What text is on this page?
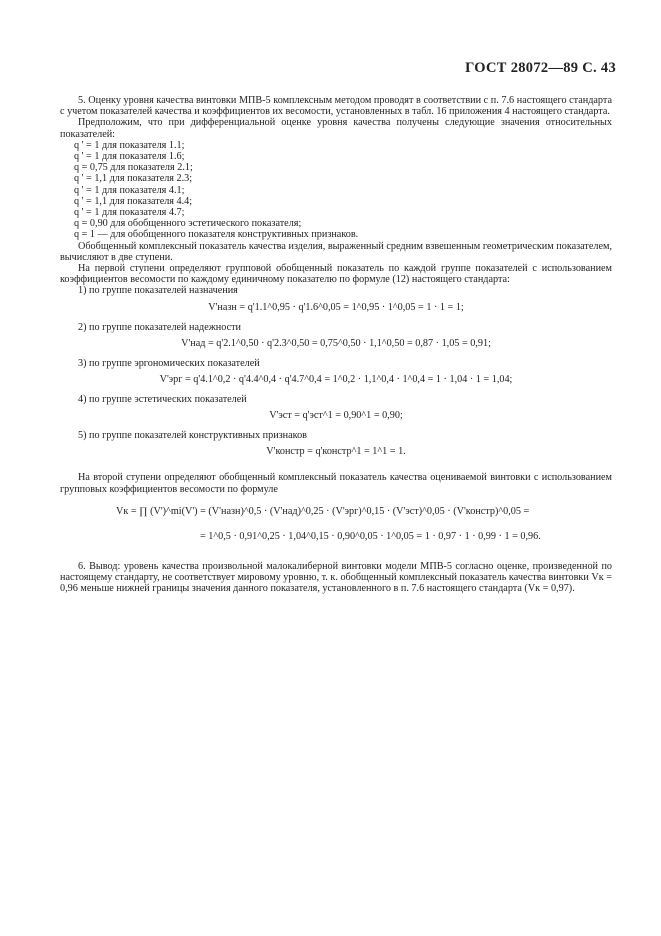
ГОСТ 28072—89 С. 43

5. Оценку уровня качества винтовки МПВ-5 комплексным методом проводят в соответствии с п. 7.6 настоящего стандарта с учетом показателей качества и коэффициентов их весомости, установленных в табл. 16 приложения 4 настоящего стандарта.

Предположим, что при дифференциальной оценке уровня качества получены следующие значения относительных показателей:

q ' = 1 для показателя 1.1;
q ' = 1 для показателя 1.6;
q = 0,75 для показателя 2.1;
q ' = 1,1 для показателя 2.3;
q ' = 1 для показателя 4.1;
q ' = 1,1 для показателя 4.4;
q ' = 1 для показателя 4.7;
q = 0,90 для обобщенного эстетического показателя;
q = 1 — для обобщенного показателя конструктивных признаков.

Обобщенный комплексный показатель качества изделия, выраженный средним взвешенным геометрическим показателем, вычисляют в две ступени.

На первой ступени определяют групповой обобщенный показатель по каждой группе показателей с использованием коэффициентов весомости по каждому единичному показателю по формуле (12) настоящего стандарта:

1) по группе показателей назначения
V'назн = q'1.1^0,95 · q'1.6^0,05 = 1^0,95 · 1^0,05 = 1 · 1 = 1;
2) по группе показателей надежности
V'над = q'2.1^0,50 · q'2.3^0,50 = 0,75^0,50 · 1,1^0,50 = 0,87 · 1,05 = 0,91;
3) по группе эргономических показателей
V'эрг = q'4.1^0,2 · q'4.4^0,4 · q'4.7^0,4 = 1^0,2 · 1,1^0,4 · 1^0,4 = 1 · 1,04 · 1 = 1,04;
4) по группе эстетических показателей
V'эст = q'эст^1 = 0,90^1 = 0,90;
5) по группе показателей конструктивных признаков
V'констр = q'констр^1 = 1^1 = 1.

На второй ступени определяют обобщенный комплексный показатель качества оцениваемой винтовки с использованием групповых коэффициентов весомости по формуле

Vк = ∏ (V')^mi(V') = (V'назн)^0,5 · (V'над)^0,25 · (V'эрг)^0,15 · (V'эст)^0,05 · (V'констр)^0,05 =
= 1^0,5 · 0,91^0,25 · 1,04^0,15 · 0,90^0,05 · 1^0,05 = 1 · 0,97 · 1 · 0,99 · 1 = 0,96.

6. Вывод: уровень качества произвольной малокалиберной винтовки модели МПВ-5 согласно оценке, произведенной по настоящему стандарту, не соответствует мировому уровню, т. к. обобщенный комплексный показатель качества винтовки Vк = 0,96 меньше нижней границы значения данного показателя, установленного в п. 7.6 настоящего стандарта (Vк = 0,97).
